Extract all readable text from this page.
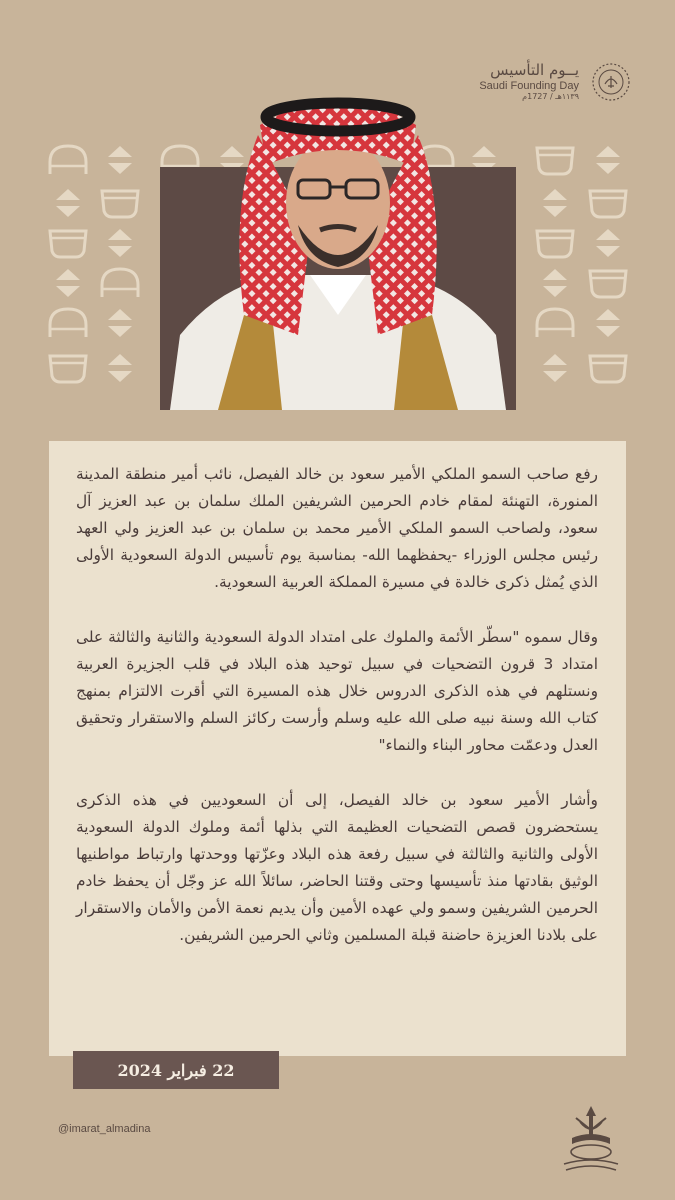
يــوم التأسيس
Saudi Founding Day
١١٣٩هـ / 1727م

رفع صاحب السمو الملكي الأمير سعود بن خالد الفيصل، نائب أمير منطقة المدينة المنورة، التهنئة لمقام خادم الحرمين الشريفين الملك سلمان بن عبد العزيز آل سعود، ولصاحب السمو الملكي الأمير محمد بن سلمان بن عبد العزيز ولي العهد رئيس مجلس الوزراء -يحفظهما الله- بمناسبة يوم تأسيس الدولة السعودية الأولى الذي يُمثل ذكرى خالدة في مسيرة المملكة العربية السعودية.

وقال سموه "سطّر الأئمة والملوك على امتداد الدولة السعودية والثانية والثالثة على امتداد 3 قرون التضحيات في سبيل توحيد هذه البلاد في قلب الجزيرة العربية ونستلهم في هذه الذكرى الدروس خلال هذه المسيرة التي أقرت الالتزام بمنهج كتاب الله وسنة نبيه صلى الله عليه وسلم وأرست ركائز السلم والاستقرار وتحقيق العدل ودعمّت محاور البناء والنماء"

وأشار الأمير سعود بن خالد الفيصل، إلى أن السعوديين في هذه الذكرى يستحضرون قصص التضحيات العظيمة التي بذلها أئمة وملوك الدولة السعودية الأولى والثانية والثالثة في سبيل رفعة هذه البلاد وعزّتها ووحدتها وارتباط مواطنيها الوثيق بقادتها منذ تأسيسها وحتى وقتنا الحاضر، سائلاً الله عز وجّل أن يحفظ خادم الحرمين الشريفين وسمو ولي عهده الأمين وأن يديم نعمة الأمن والأمان والاستقرار على بلادنا العزيزة حاضنة قبلة المسلمين وثاني الحرمين الشريفين.

22 فبراير 2024
@imarat_almadina
